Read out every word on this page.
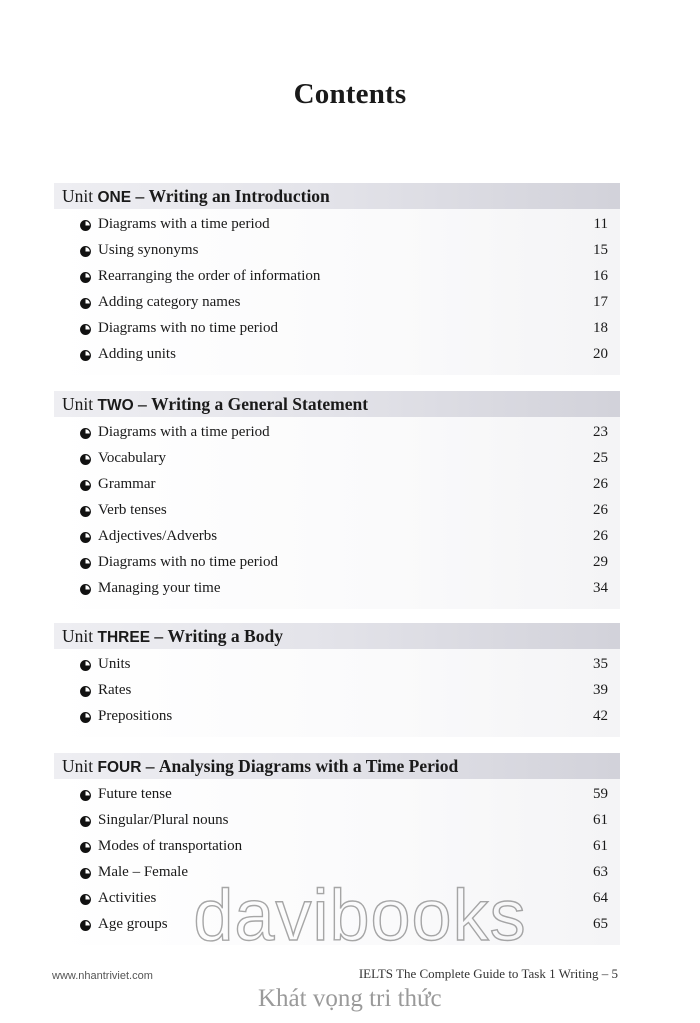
Contents
Unit ONE – Writing an Introduction
Diagrams with a time period	11
Using synonyms	15
Rearranging the order of information	16
Adding category names	17
Diagrams with no time period	18
Adding units	20
Unit TWO – Writing a General Statement
Diagrams with a time period	23
Vocabulary	25
Grammar	26
Verb tenses	26
Adjectives/Adverbs	26
Diagrams with no time period	29
Managing your time	34
Unit THREE – Writing a Body
Units	35
Rates	39
Prepositions	42
Unit FOUR – Analysing Diagrams with a Time Period
Future tense	59
Singular/Plural nouns	61
Modes of transportation	61
Male – Female	63
Activities	64
Age groups	65
www.nhantriviet.com	IELTS The Complete Guide to Task 1 Writing – 5
davibooks
Khát vọng tri thức
